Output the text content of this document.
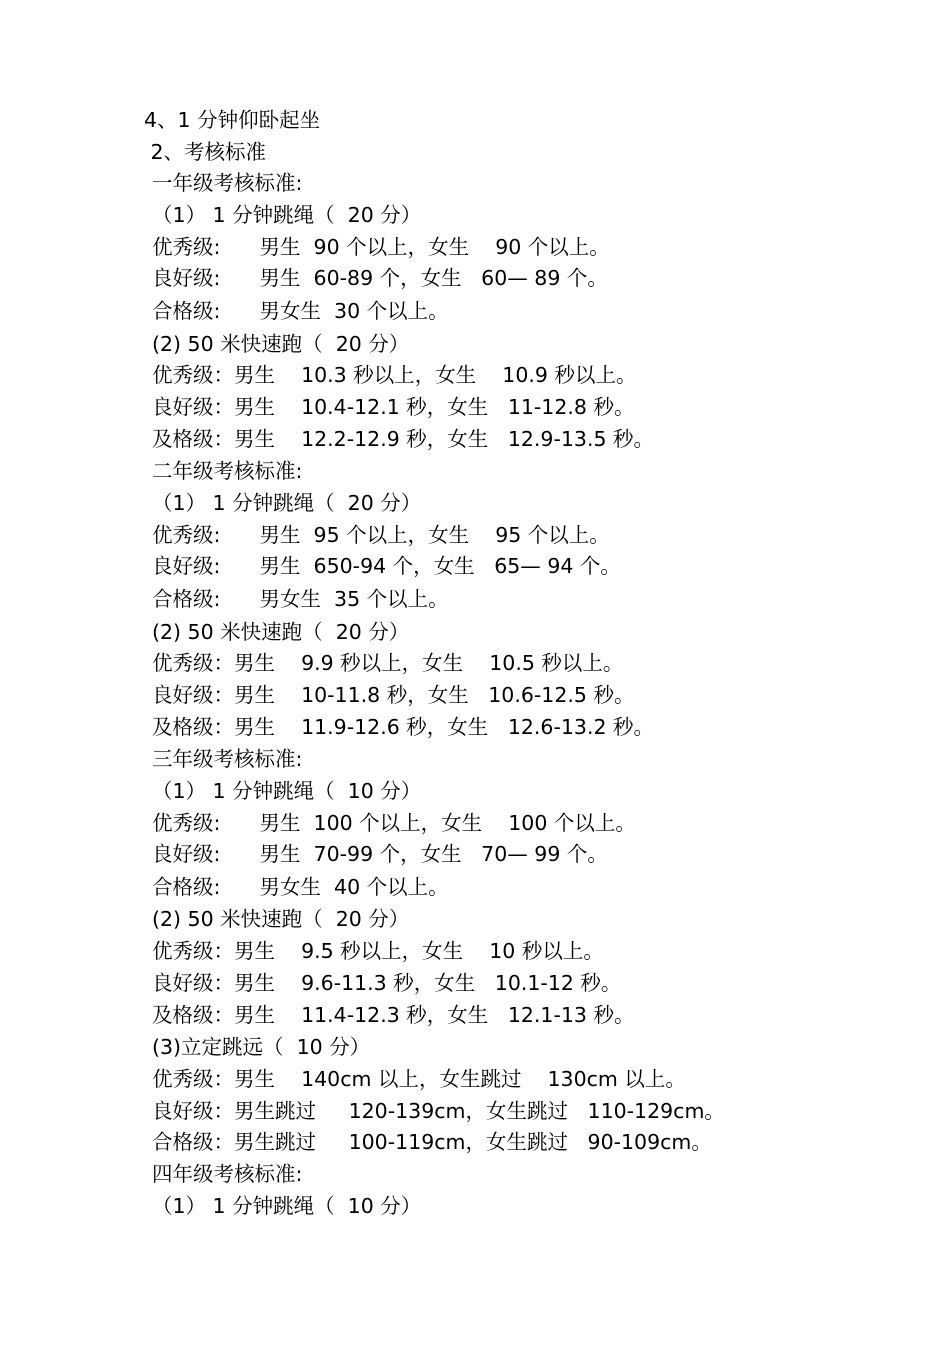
4、1 分钟仰卧起坐
2、考核标准
一年级考核标准:
（1） 1 分钟跳绳（  20 分）
优秀级:      男生  90 个以上，女生    90 个以上。
良好级:      男生  60-89 个，女生   60— 89 个。
合格级:      男女生  30 个以上。
(2) 50 米快速跑（  20 分）
优秀级：男生    10.3 秒以上，女生    10.9 秒以上。
良好级：男生    10.4-12.1 秒，女生   11-12.8 秒。
及格级：男生    12.2-12.9 秒，女生   12.9-13.5 秒。
二年级考核标准:
（1） 1 分钟跳绳（  20 分）
优秀级:      男生  95 个以上，女生    95 个以上。
良好级:      男生  650-94 个，女生   65— 94 个。
合格级:      男女生  35 个以上。
(2) 50 米快速跑（  20 分）
优秀级：男生    9.9 秒以上，女生    10.5 秒以上。
良好级：男生    10-11.8 秒，女生   10.6-12.5 秒。
及格级：男生    11.9-12.6 秒，女生   12.6-13.2 秒。
三年级考核标准:
（1） 1 分钟跳绳（  10 分）
优秀级:      男生  100 个以上，女生    100 个以上。
良好级:      男生  70-99 个，女生   70— 99 个。
合格级:      男女生  40 个以上。
(2) 50 米快速跑（  20 分）
优秀级：男生    9.5 秒以上，女生    10 秒以上。
良好级：男生    9.6-11.3 秒，女生   10.1-12 秒。
及格级：男生    11.4-12.3 秒，女生   12.1-13 秒。
(3)立定跳远（  10 分）
优秀级：男生    140cm 以上，女生跳过    130cm 以上。
良好级：男生跳过     120-139cm，女生跳过   110-129cm。
合格级：男生跳过     100-119cm，女生跳过   90-109cm。
四年级考核标准:
（1） 1 分钟跳绳（  10 分）
